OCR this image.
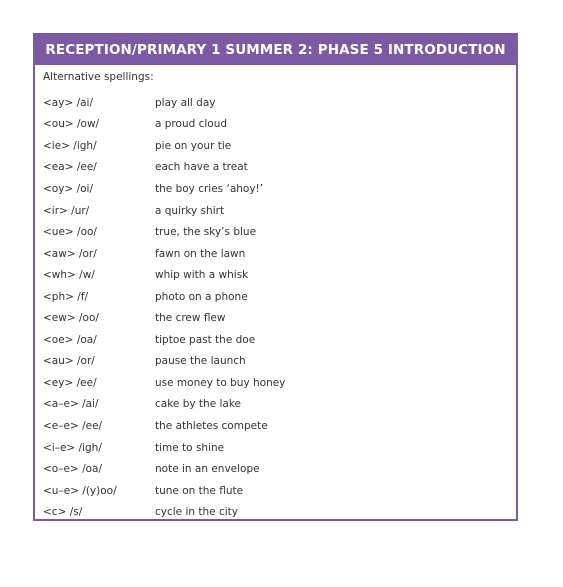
RECEPTION/PRIMARY 1 SUMMER 2: PHASE 5 INTRODUCTION
Alternative spellings:
<ay> /ai/	play all day
<ou> /ow/	a proud cloud
<ie> /igh/	pie on your tie
<ea> /ee/	each have a treat
<oy> /oi/	the boy cries ‘ahoy!’
<ir> /ur/	a quirky shirt
<ue> /oo/	true, the sky’s blue
<aw> /or/	fawn on the lawn
<wh> /w/	whip with a whisk
<ph> /f/	photo on a phone
<ew> /oo/	the crew flew
<oe> /oa/	tiptoe past the doe
<au> /or/	pause the launch
<ey> /ee/	use money to buy honey
<a–e> /ai/	cake by the lake
<e–e> /ee/	the athletes compete
<i–e> /igh/	time to shine
<o–e> /oa/	note in an envelope
<u–e> /(y)oo/	tune on the flute
<c> /s/	cycle in the city
